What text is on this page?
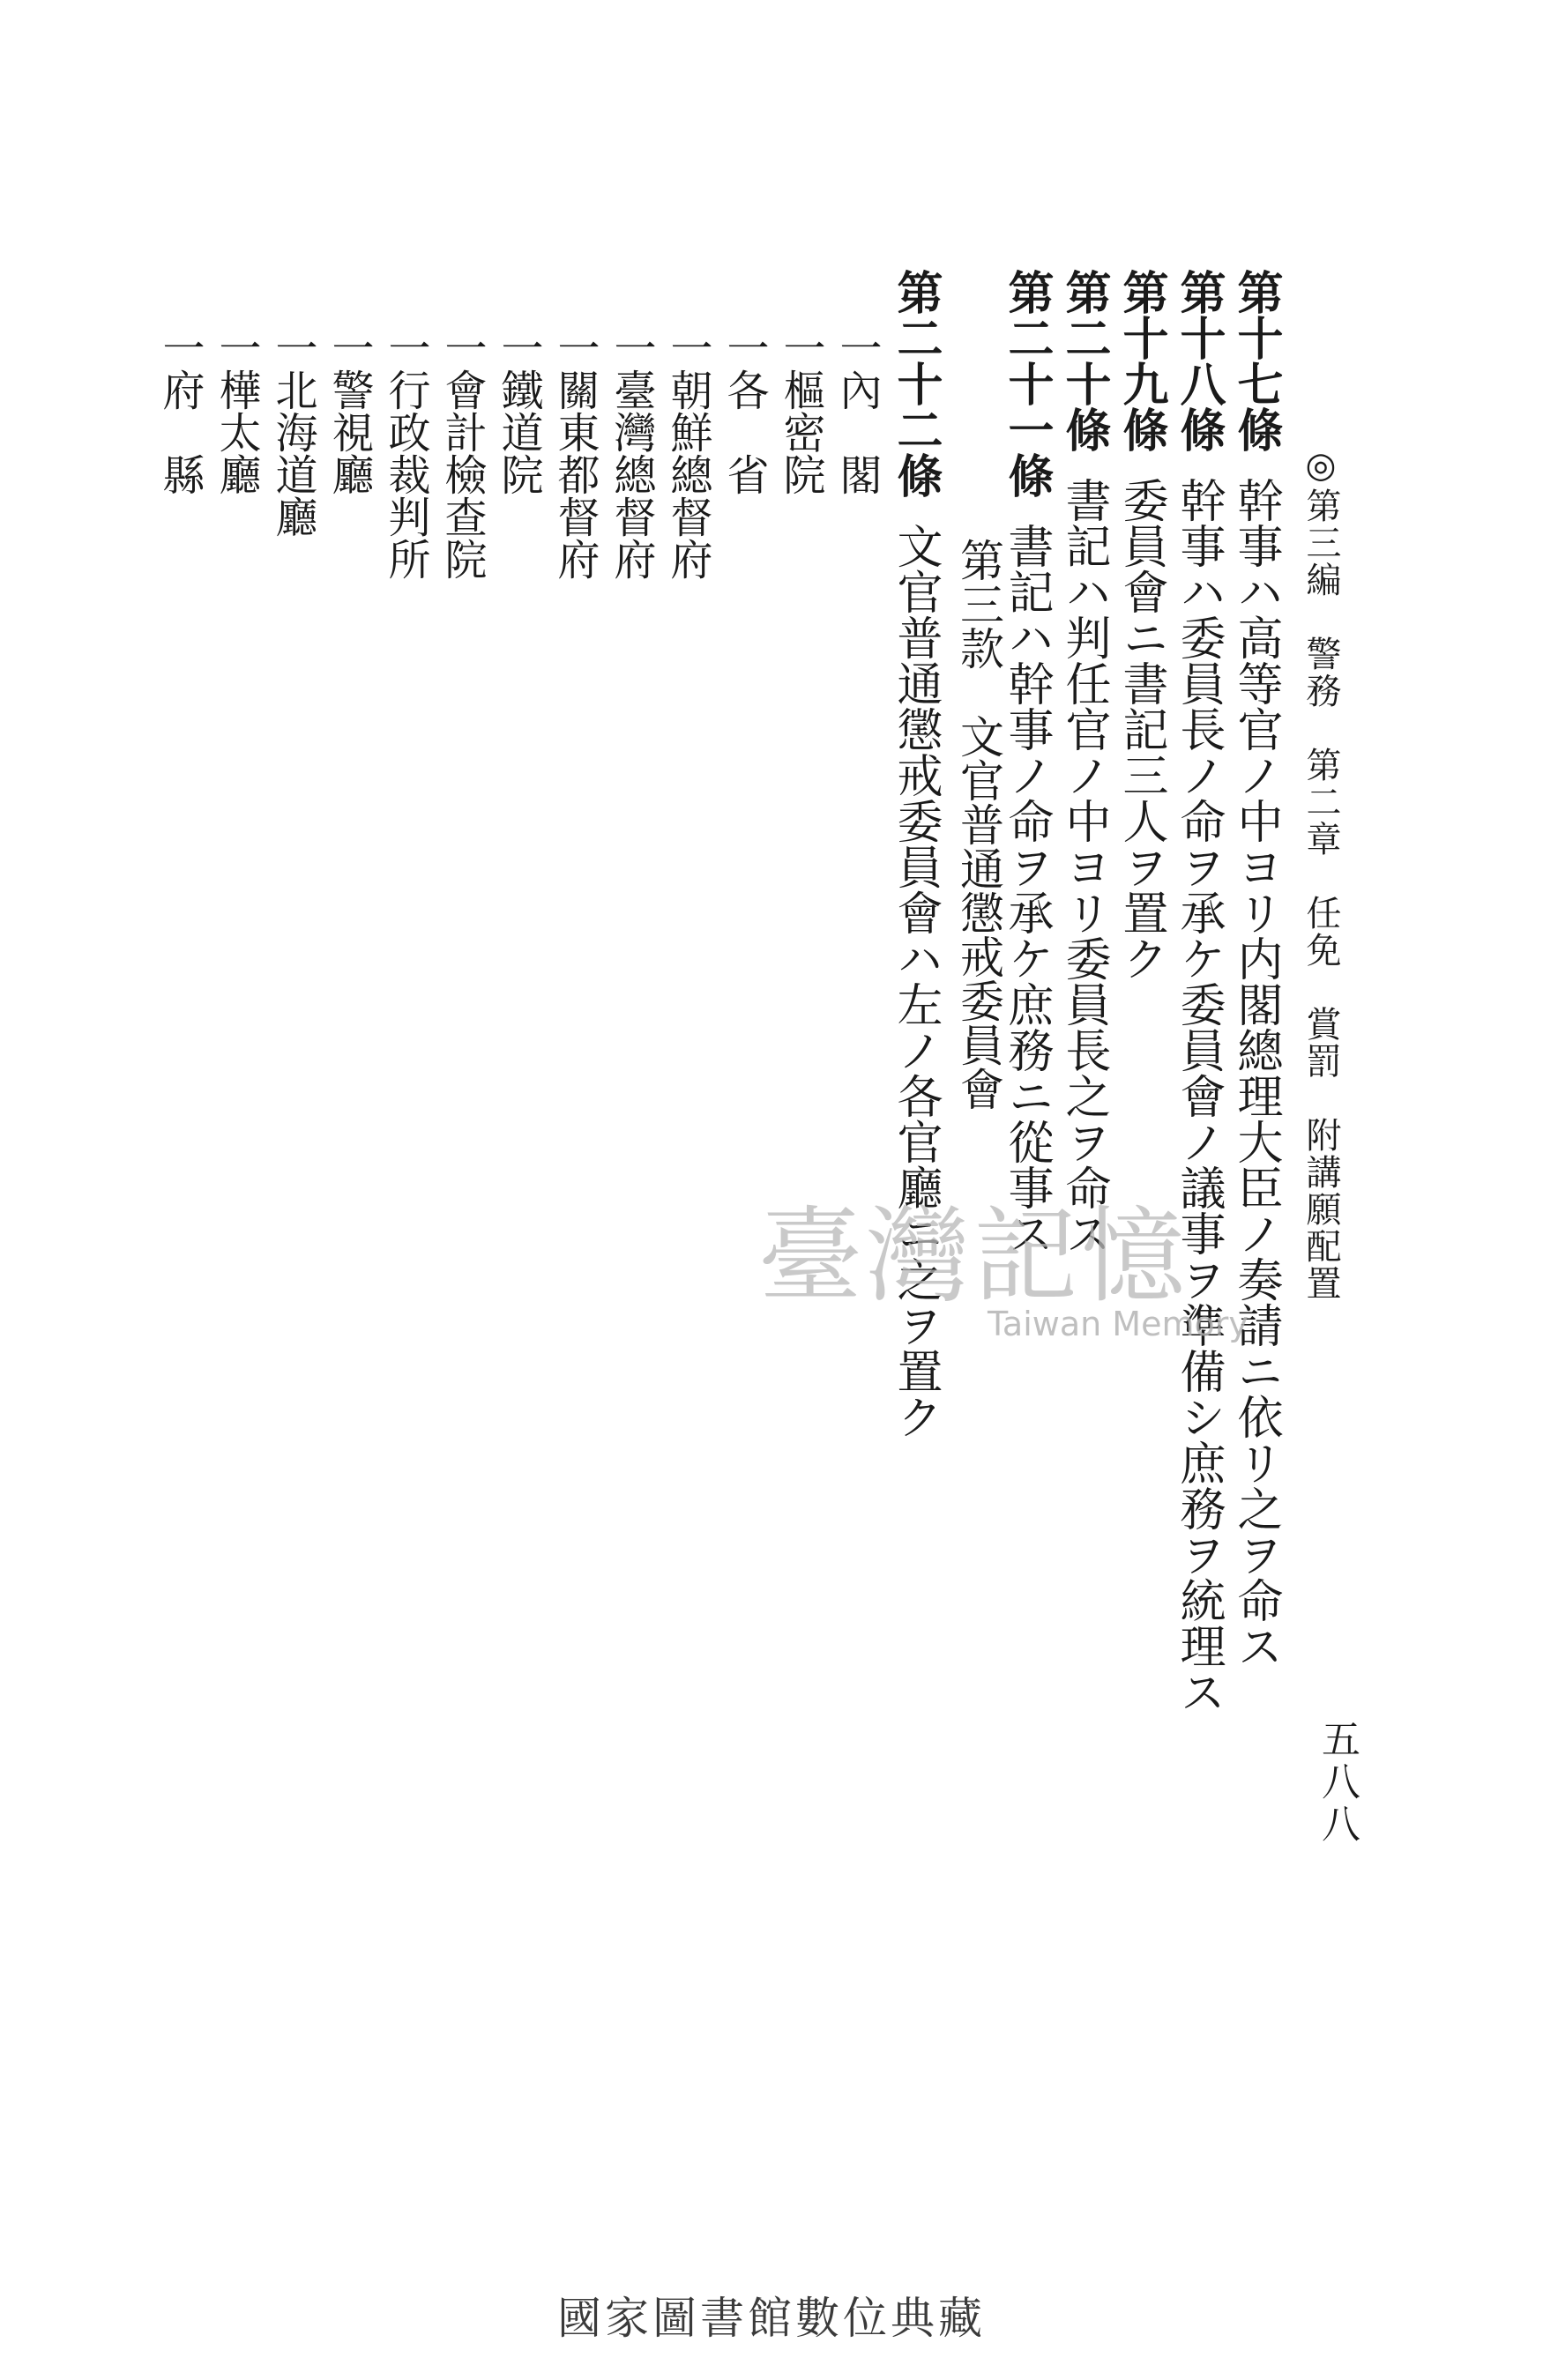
◎第三編　警務　第二章　任免　賞罰　附講願配置
第十七條幹事ハ高等官ノ中ヨリ内閣總理大臣ノ奏請ニ依リ之ヲ命ス
第十八條幹事ハ委員長ノ命ヲ承ケ委員會ノ議事ヲ準備シ庶務ヲ統理ス
第十九條委員會ニ書記三人ヲ置ク
第二十條書記ハ判任官ノ中ヨリ委員長之ヲ命ス
第二十一條書記ハ幹事ノ命ヲ承ケ庶務ニ從事ス
第三款　文官普通懲戒委員會
第二十二條文官普通懲戒委員會ハ左ノ各官廳ニ之ヲ置ク
一內　閣
一樞密院
一各　省
一朝鮮總督府
一臺灣總督府
一關東都督府
一鐵道院
一會計檢查院
一行政裁判所
一警視廳
一北海道廳
一樺太廳
一府　縣
五八八
臺灣記憶
Taiwan Memory
國家圖書館數位典藏
